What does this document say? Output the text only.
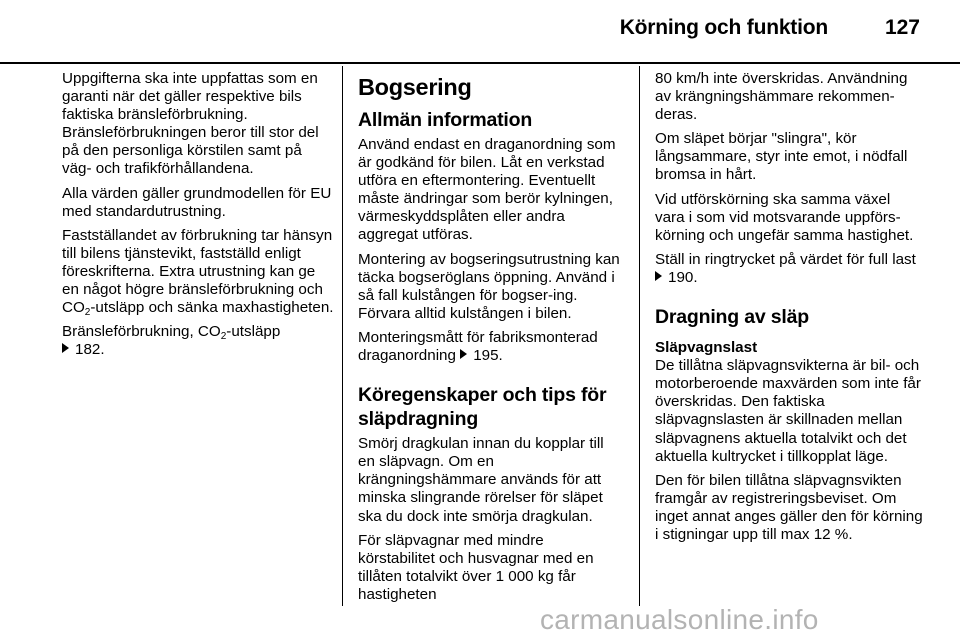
Körning och funktion	127

Uppgifterna ska inte uppfattas som en garanti när det gäller respektive bils faktiska bränsleförbrukning. Bränsleförbrukningen beror till stor del på den personliga körstilen samt på väg- och trafikförhållandena.

Alla värden gäller grundmodellen för EU med standardutrustning.

Fastställandet av förbrukning tar hänsyn till bilens tjänstevikt, fastställd enligt föreskrifterna. Extra utrustning kan ge en något högre bränsleförbrukning och $CO_2$-utsläpp och sänka maxhastigheten.

Bränsleförbrukning, $CO_2$-utsläpp
182.

Bogsering
Allmän information

Använd endast en draganordning som är godkänd för bilen. Låt en verkstad utföra en eftermontering. Eventuellt måste ändringar som berör kylningen, värmeskyddsplåten eller andra aggregat utföras.

Montering av bogseringsutrustning kan täcka bogseröglans öppning. Använd i så fall kulstången för bogser-ing. Förvara alltid kulstången i bilen.

Monteringsmått för fabriksmonterad draganordning 195.

Köregenskaper och tips för släpdragning

Smörj dragkulan innan du kopplar till en släpvagn. Om en krängningshämmare används för att minska slingrande rörelser för släpet ska du dock inte smörja dragkulan.

För släpvagnar med mindre körstabilitet och husvagnar med en tillåten totalvikt över 1 000 kg får hastigheten

80 km/h inte överskridas. Användning av krängningshämmare rekommen-deras.

Om släpet börjar "slingra", kör långsammare, styr inte emot, i nödfall bromsa in hårt.

Vid utförskörning ska samma växel vara i som vid motsvarande uppförs-körning och ungefär samma hastighet.

Ställ in ringtrycket på värdet för full last 190.

Dragning av släp
Släpvagnslast

De tillåtna släpvagnsvikterna är bil- och motorberoende maxvärden som inte får överskridas. Den faktiska släpvagnslasten är skillnaden mellan släpvagnens aktuella totalvikt och det aktuella kultrycket i tillkopplat läge.

Den för bilen tillåtna släpvagnsvikten framgår av registreringsbeviset. Om inget annat anges gäller den för körning i stigningar upp till max 12 %.

carmanualsonline.info
